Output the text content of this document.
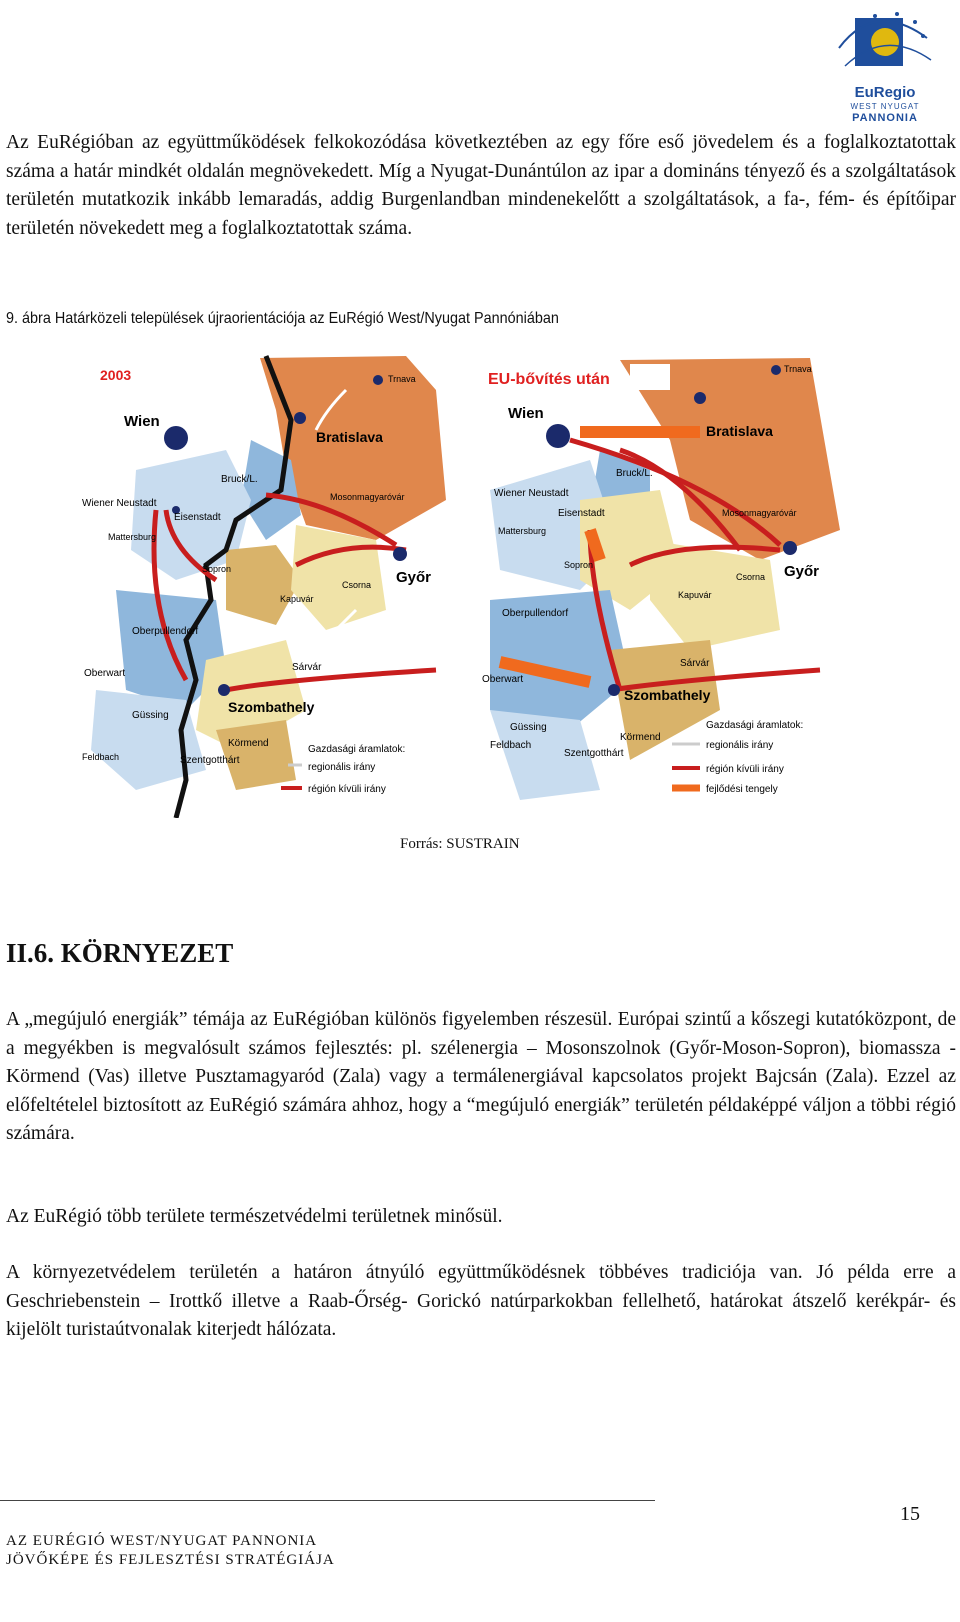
EuRegio
WEST NYUGAT
PANNONIA

Az EuRégióban az együttműködések felkokozódása következtében az egy főre eső jövedelem és a foglalkoztatottak száma a határ mindkét oldalán megnövekedett. Míg a Nyugat-Dunántúlon az ipar a domináns tényező és a szolgáltatások területén mutatkozik inkább lemaradás, addig Burgenlandban mindenekelőtt a szolgáltatások, a fa-, fém- és építőipar területén növekedett meg a foglalkoztatottak száma.

9. ábra Határközeli települések újraorientációja az EuRégió West/Nyugat Pannóniában
2003
Wien
Bratislava
Trnava
Bruck/L.
Wiener Neustadt
Eisenstadt
Mattersburg
Mosonmagyaróvár
Győr
Sopron
Kapuvár
Csorna
Oberpullendorf
Oberwart
Sárvár
Szombathely
Güssing
Körmend
Szentgotthárt
Feldbach
Gazdasági áramlatok:
regionális irány
régión kívüli irány
EU-bővítés után
Wien
Bratislava
Trnava
Bruck/L.
Wiener Neustadt
Eisenstadt
Mattersburg
Mosonmagyaróvár
Győr
Sopron
Kapuvár
Csorna
Oberpullendorf
Oberwart
Sárvár
Szombathely
Güssing
Körmend
Szentgotthárt
Feldbach
Gazdasági áramlatok:
regionális irány
régión kívüli irány
fejlődési tengely
Forrás: SUSTRAIN
II.6. KÖRNYEZET

A „megújuló energiák” témája az EuRégióban különös figyelemben részesül. Európai szintű a kőszegi kutatóközpont, de a megyékben is megvalósult számos fejlesztés: pl. szélenergia – Mosonszolnok (Győr-Moson-Sopron), biomassza - Körmend (Vas) illetve Pusztamagyaród (Zala) vagy a termálenergiával kapcsolatos projekt Bajcsán (Zala). Ezzel az előfeltételel biztosított az EuRégió számára ahhoz, hogy a “megújuló energiák” területén példaképpé váljon a többi régió számára.

Az EuRégió több területe természetvédelmi területnek minősül.

A környezetvédelem területén a határon átnyúló együttműködésnek többéves tradiciója van. Jó példa erre a Geschriebenstein – Irottkő illetve a Raab-Őrség- Gorickó natúrparkokban fellelhető, határokat átszelő kerékpár- és kijelölt turistaútvonalak kiterjedt hálózata.

15
AZ EURÉGIÓ WEST/NYUGAT PANNONIA
JÖVŐKÉPE ÉS FEJLESZTÉSI STRATÉGIÁJA
